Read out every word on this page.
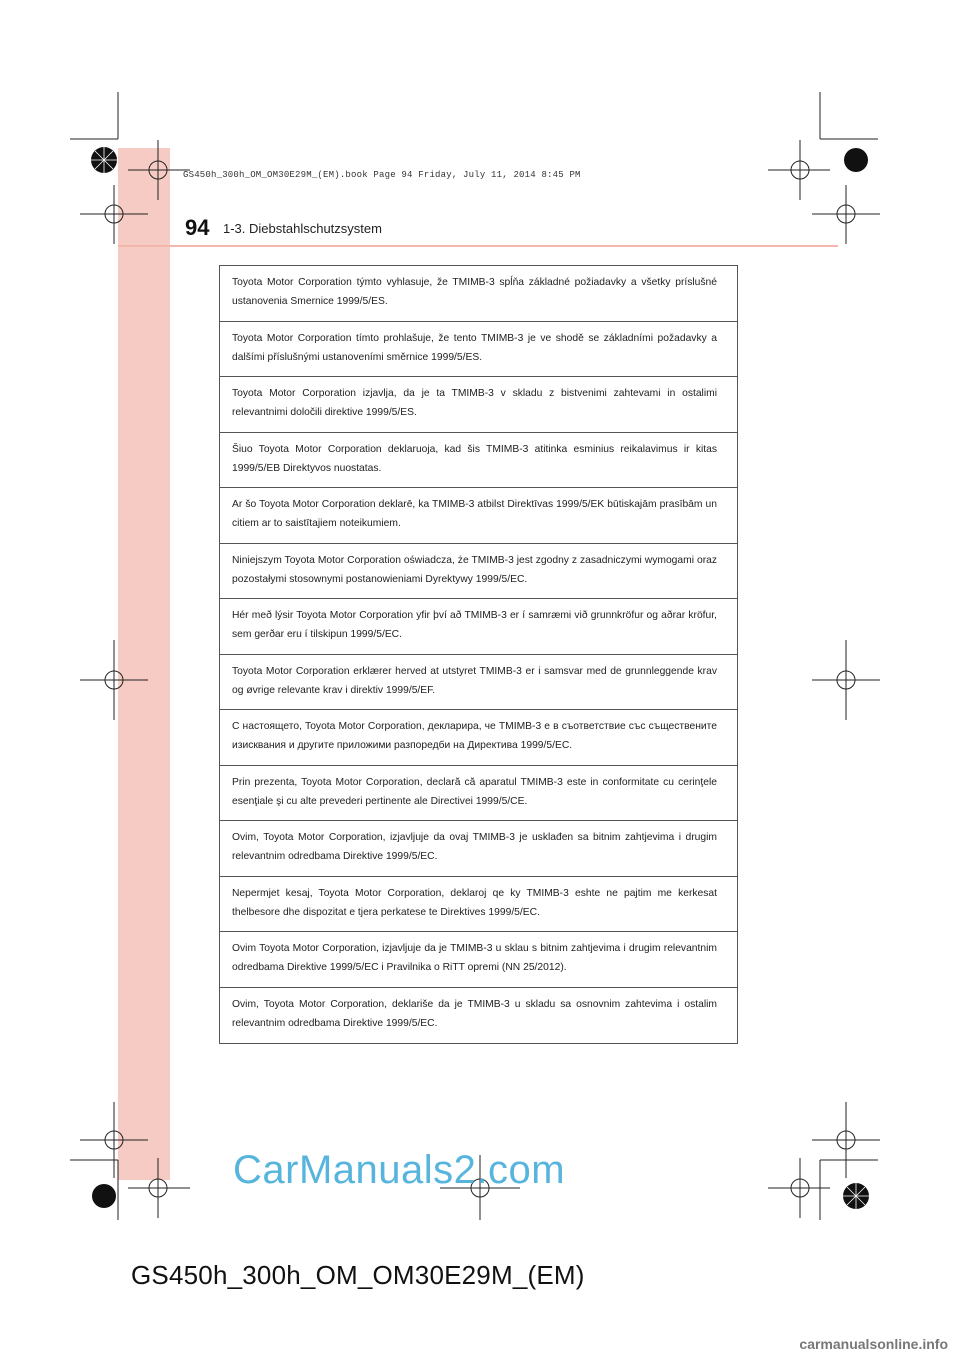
GS450h_300h_OM_OM30E29M_(EM).book Page 94 Friday, July 11, 2014 8:45 PM
94 1-3. Diebstahlschutzsystem
Toyota Motor Corporation týmto vyhlasuje, že TMIMB-3 spĺňa základné požiadavky a všetky príslušné ustanovenia Smernice 1999/5/ES.
Toyota Motor Corporation tímto prohlašuje, že tento TMIMB-3 je ve shodě se základními požadavky a dalšími příslušnými ustanoveními směrnice 1999/5/ES.
Toyota Motor Corporation izjavlja, da je ta TMIMB-3 v skladu z bistvenimi zahtevami in ostalimi relevantnimi določili direktive 1999/5/ES.
Šiuo Toyota Motor Corporation deklaruoja, kad šis TMIMB-3 atitinka esminius reikalavimus ir kitas 1999/5/EB Direktyvos nuostatas.
Ar šo Toyota Motor Corporation deklarē, ka TMIMB-3 atbilst Direktīvas 1999/5/EK būtiskajām prasībām un citiem ar to saistītajiem noteikumiem.
Niniejszym Toyota Motor Corporation oświadcza, że TMIMB-3 jest zgodny z zasadniczymi wymogami oraz pozostałymi stosownymi postanowieniami Dyrektywy 1999/5/EC.
Hér með lýsir Toyota Motor Corporation yfir því að TMIMB-3 er í samræmi við grunnkröfur og aðrar kröfur, sem gerðar eru í tilskipun 1999/5/EC.
Toyota Motor Corporation erklærer herved at utstyret TMIMB-3 er i samsvar med de grunnleggende krav og øvrige relevante krav i direktiv 1999/5/EF.
С настоящето, Toyota Motor Corporation, декларира, че TMIMB-3 е в съответствие със съществените изисквания и другите приложими разпоредби на Директива 1999/5/EC.
Prin prezenta, Toyota Motor Corporation, declară că aparatul TMIMB-3 este in conformitate cu cerinţele esenţiale şi cu alte prevederi pertinente ale Directivei 1999/5/CE.
Ovim, Toyota Motor Corporation, izjavljuje da ovaj TMIMB-3 je usklađen sa bitnim zahtjevima i drugim relevantnim odredbama Direktive 1999/5/EC.
Nepermjet kesaj, Toyota Motor Corporation, deklaroj qe ky TMIMB-3 eshte ne pajtim me kerkesat thelbesore dhe dispozitat e tjera perkatese te Direktives 1999/5/EC.
Ovim Toyota Motor Corporation, izjavljuje da je TMIMB-3 u sklau s bitnim zahtjevima i drugim relevantnim odredbama Direktive 1999/5/EC i Pravilnika o RiTT opremi (NN 25/2012).
Ovim, Toyota Motor Corporation, deklariše da je TMIMB-3 u skladu sa osnovnim zahtevima i ostalim relevantnim odredbama Direktive 1999/5/EC.
CarManuals2.com
GS450h_300h_OM_OM30E29M_(EM)
carmanualsonline.info
